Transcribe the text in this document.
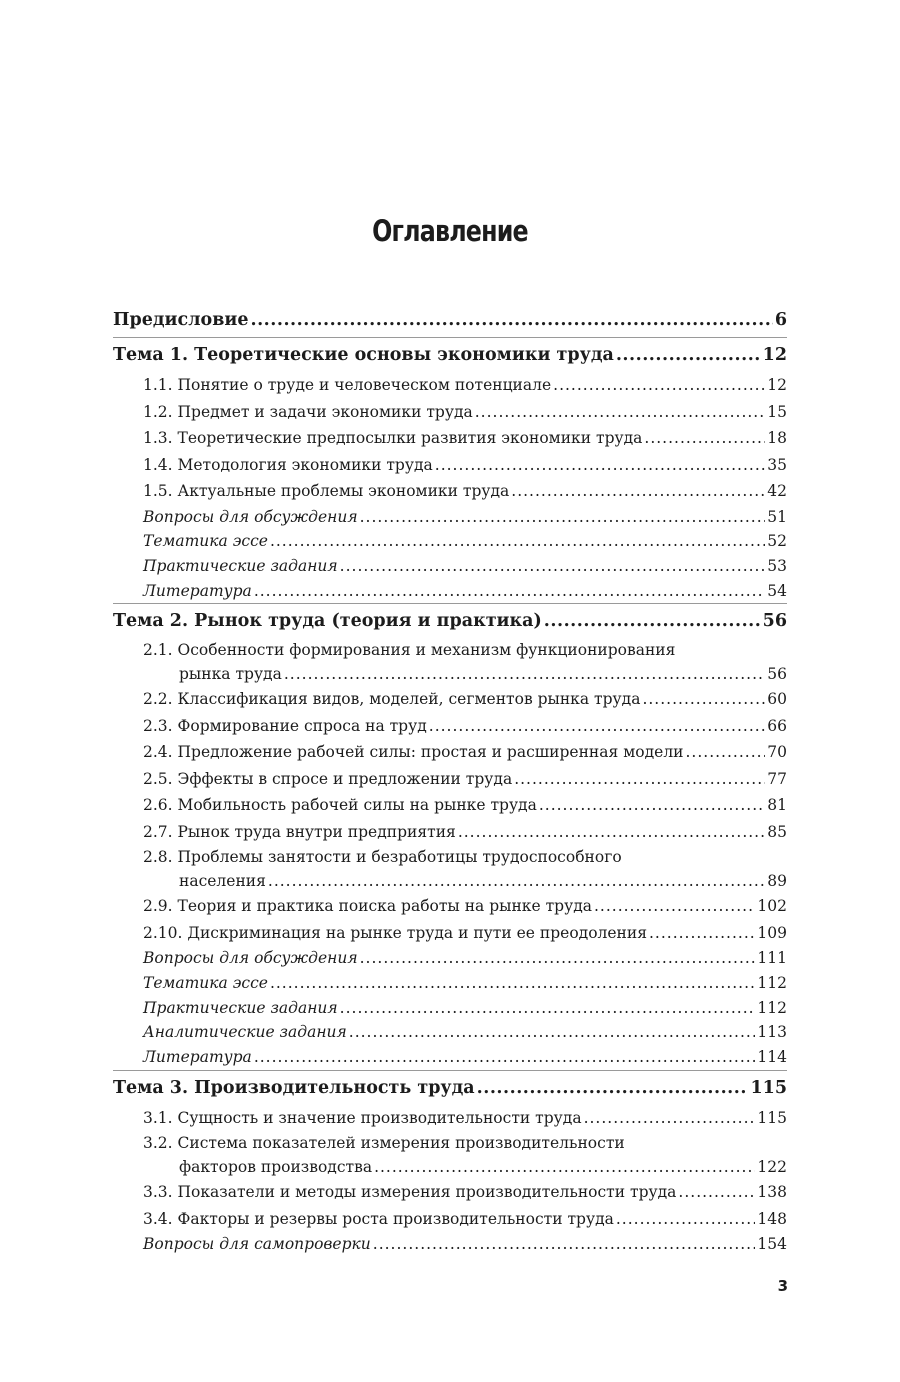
Оглавление
Предисловие .....	6
Тема 1. Теоретические основы экономики труда .....	12
1.1. Понятие о труде и человеческом потенциале .....	12
1.2. Предмет и задачи экономики труда .....	15
1.3. Теоретические предпосылки развития экономики труда .....	18
1.4. Методология экономики труда .....	35
1.5. Актуальные проблемы экономики труда .....	42
Вопросы для обсуждения .....	51
Тематика эссе .....	52
Практические задания .....	53
Литература .....	54
Тема 2. Рынок труда (теория и практика) .....	56
2.1. Особенности формирования и механизм функционирования
рынка труда .....	56
2.2. Классификация видов, моделей, сегментов рынка труда .....	60
2.3. Формирование спроса на труд .....	66
2.4. Предложение рабочей силы: простая и расширенная модели .....	70
2.5. Эффекты в спросе и предложении труда .....	77
2.6. Мобильность рабочей силы на рынке труда .....	81
2.7. Рынок труда внутри предприятия .....	85
2.8. Проблемы занятости и безработицы трудоспособного
населения .....	89
2.9. Теория и практика поиска работы на рынке труда .....	102
2.10. Дискриминация на рынке труда и пути ее преодоления .....	109
Вопросы для обсуждения .....	111
Тематика эссе .....	112
Практические задания .....	112
Аналитические задания .....	113
Литература .....	114
Тема 3. Производительность труда .....	115
3.1. Сущность и значение производительности труда .....	115
3.2. Система показателей измерения производительности
факторов производства .....	122
3.3. Показатели и методы измерения производительности труда .....	138
3.4. Факторы и резервы роста производительности труда .....	148
Вопросы для самопроверки .....	154
3
